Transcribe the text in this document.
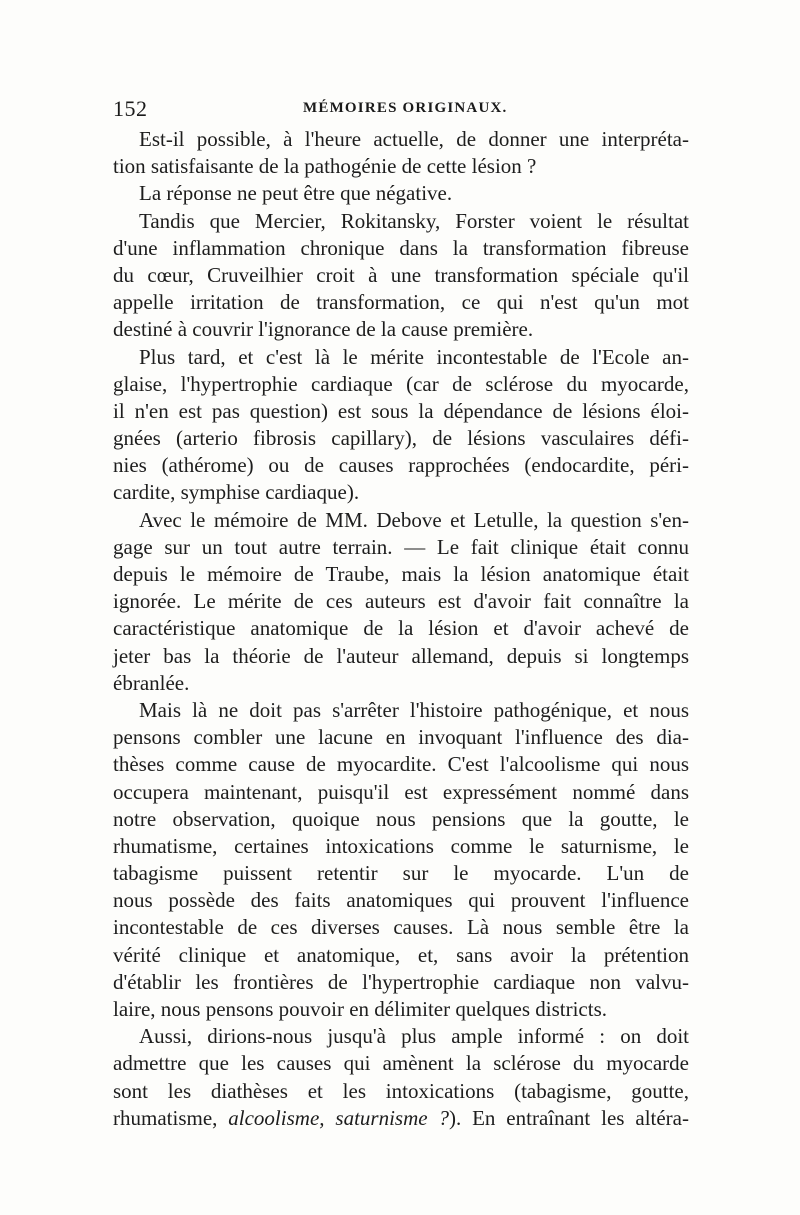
152	MÉMOIRES ORIGINAUX.
Est-il possible, à l'heure actuelle, de donner une interpréta-
tion satisfaisante de la pathogénie de cette lésion ?
La réponse ne peut être que négative.
Tandis que Mercier, Rokitansky, Forster voient le résultat
d'une inflammation chronique dans la transformation fibreuse
du cœur, Cruveilhier croit à une transformation spéciale qu'il
appelle irritation de transformation, ce qui n'est qu'un mot
destiné à couvrir l'ignorance de la cause première.
Plus tard, et c'est là le mérite incontestable de l'Ecole an-
glaise, l'hypertrophie cardiaque (car de sclérose du myocarde,
il n'en est pas question) est sous la dépendance de lésions éloi-
gnées (arterio fibrosis capillary), de lésions vasculaires défi-
nies (athérome) ou de causes rapprochées (endocardite, péri-
cardite, symphise cardiaque).
Avec le mémoire de MM. Debove et Letulle, la question s'en-
gage sur un tout autre terrain. — Le fait clinique était connu
depuis le mémoire de Traube, mais la lésion anatomique était
ignorée. Le mérite de ces auteurs est d'avoir fait connaître la
caractéristique anatomique de la lésion et d'avoir achevé de
jeter bas la théorie de l'auteur allemand, depuis si longtemps
ébranlée.
Mais là ne doit pas s'arrêter l'histoire pathogénique, et nous
pensons combler une lacune en invoquant l'influence des dia-
thèses comme cause de myocardite. C'est l'alcoolisme qui nous
occupera maintenant, puisqu'il est expressément nommé dans
notre observation, quoique nous pensions que la goutte, le
rhumatisme, certaines intoxications comme le saturnisme, le
tabagisme puissent retentir sur le myocarde. L'un de
nous possède des faits anatomiques qui prouvent l'influence
incontestable de ces diverses causes. Là nous semble être la
vérité clinique et anatomique, et, sans avoir la prétention
d'établir les frontières de l'hypertrophie cardiaque non valvu-
laire, nous pensons pouvoir en délimiter quelques districts.
Aussi, dirions-nous jusqu'à plus ample informé : on doit
admettre que les causes qui amènent la sclérose du myocarde
sont les diathèses et les intoxications (tabagisme, goutte,
rhumatisme, alcoolisme, saturnisme ?). En entraînant les altéra-
